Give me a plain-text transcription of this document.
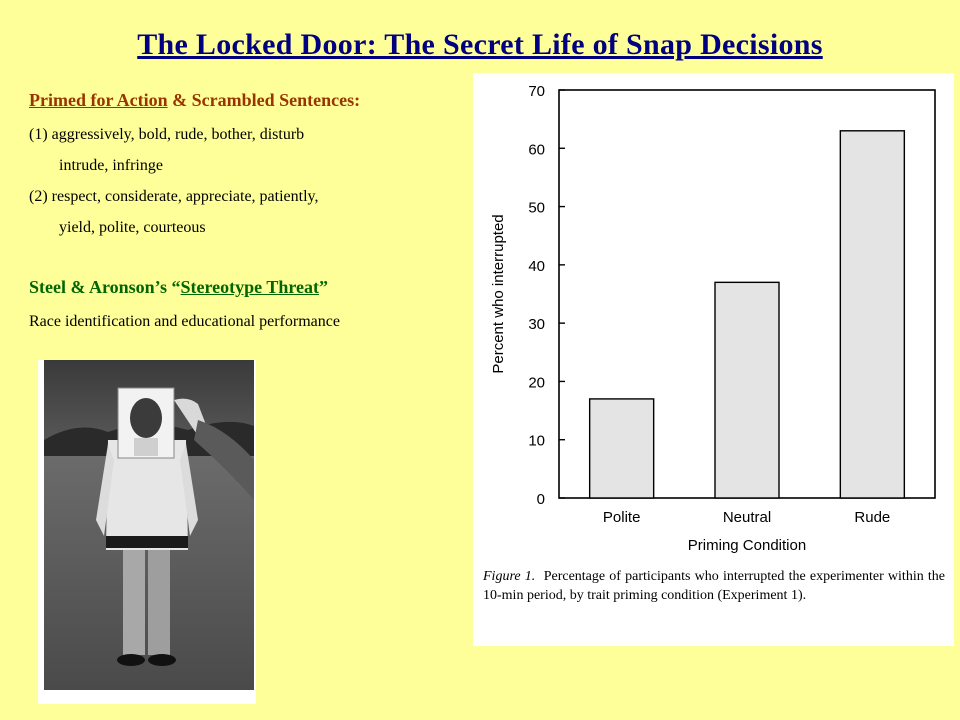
The Locked Door: The Secret Life of Snap Decisions
Primed for Action & Scrambled Sentences:
(1) aggressively, bold, rude, bother, disturb
intrude, infringe
(2) respect, considerate, appreciate, patiently,
yield, polite, courteous
Steel & Aronson’s “Stereotype Threat”
Race identification and educational performance
0
10
20
30
40
50
60
70
Polite	Neutral	Rude
Priming Condition
Percent who interrupted
Figure 1. Percentage of participants who interrupted the experimenter within the 10-min period, by trait priming condition (Experiment 1).
